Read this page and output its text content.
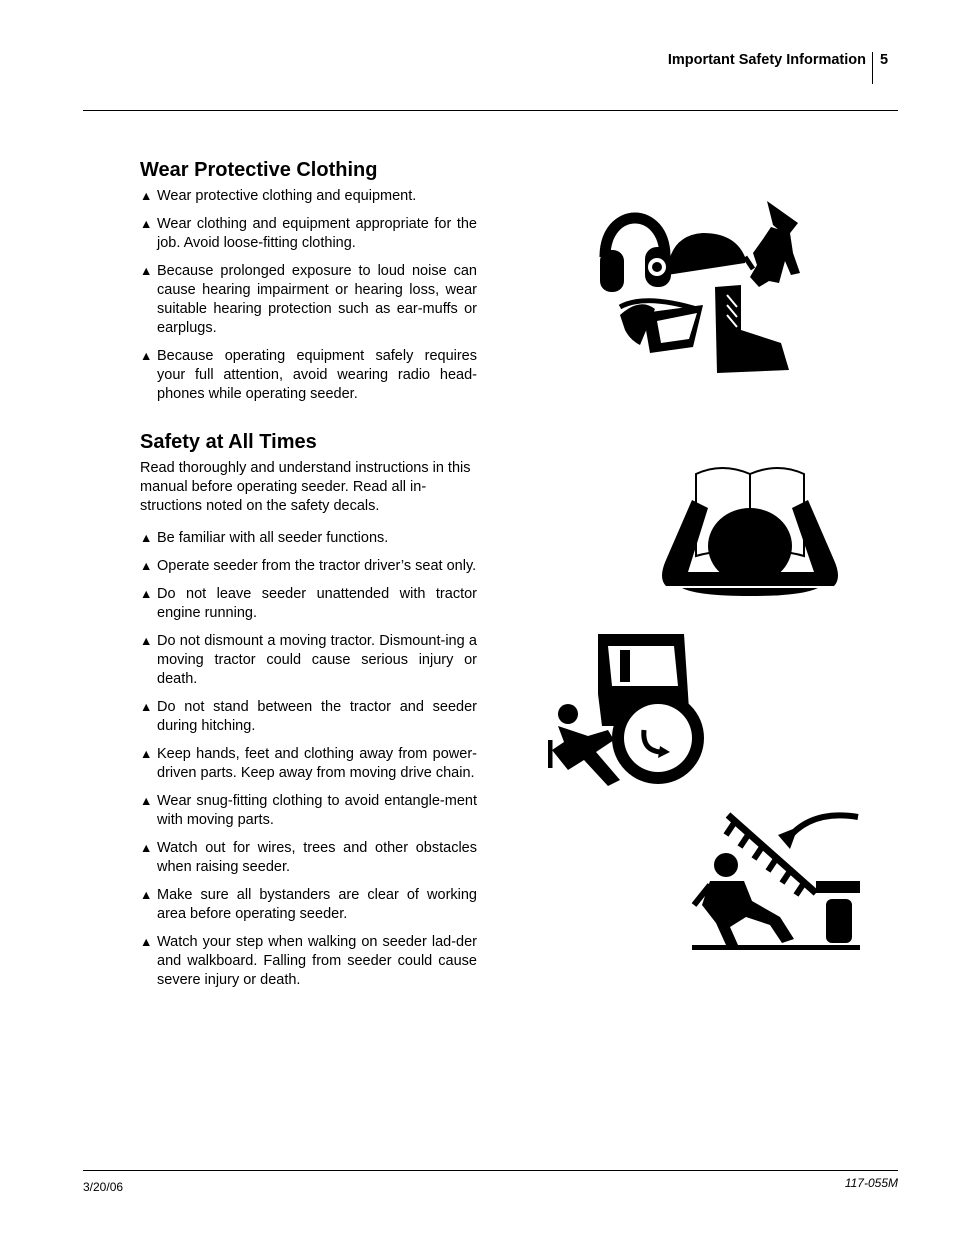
Important Safety Information 5
Wear Protective Clothing
▲ Wear protective clothing and equipment.
▲ Wear clothing and equipment appropriate for the job. Avoid loose-fitting clothing.
▲ Because prolonged exposure to loud noise can cause hearing impairment or hearing loss, wear suitable hearing protection such as ear-muffs or earplugs.
▲ Because operating equipment safely requires your full attention, avoid wearing radio head-phones while operating seeder.
Safety at All Times

Read thoroughly and understand instructions in this manual before operating seeder. Read all in-structions noted on the safety decals.

▲ Be familiar with all seeder functions.
▲ Operate seeder from the tractor driver’s seat only.
▲ Do not leave seeder unattended with tractor engine running.
▲ Do not dismount a moving tractor. Dismount-ing a moving tractor could cause serious injury or death.
▲ Do not stand between the tractor and seeder during hitching.
▲ Keep hands, feet and clothing away from power-driven parts. Keep away from moving drive chain.
▲ Wear snug-fitting clothing to avoid entangle-ment with moving parts.
▲ Watch out for wires, trees and other obstacles when raising seeder.
▲ Make sure all bystanders are clear of working area before operating seeder.
▲ Watch your step when walking on seeder lad-der and walkboard. Falling from seeder could cause severe injury or death.
3/20/06	117-055M
